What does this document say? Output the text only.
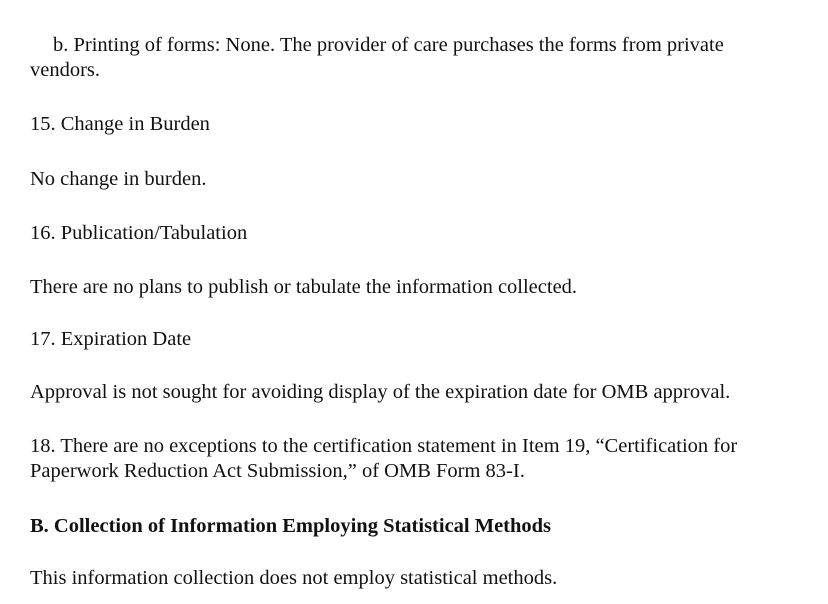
b. Printing of forms: None. The provider of care purchases the forms from private
vendors.
15. Change in Burden
No change in burden.
16. Publication/Tabulation
There are no plans to publish or tabulate the information collected.
17. Expiration Date
Approval is not sought for avoiding display of the expiration date for OMB approval.
18. There are no exceptions to the certification statement in Item 19, “Certification for
Paperwork Reduction Act Submission,” of OMB Form 83-I.
B. Collection of Information Employing Statistical Methods
This information collection does not employ statistical methods.
